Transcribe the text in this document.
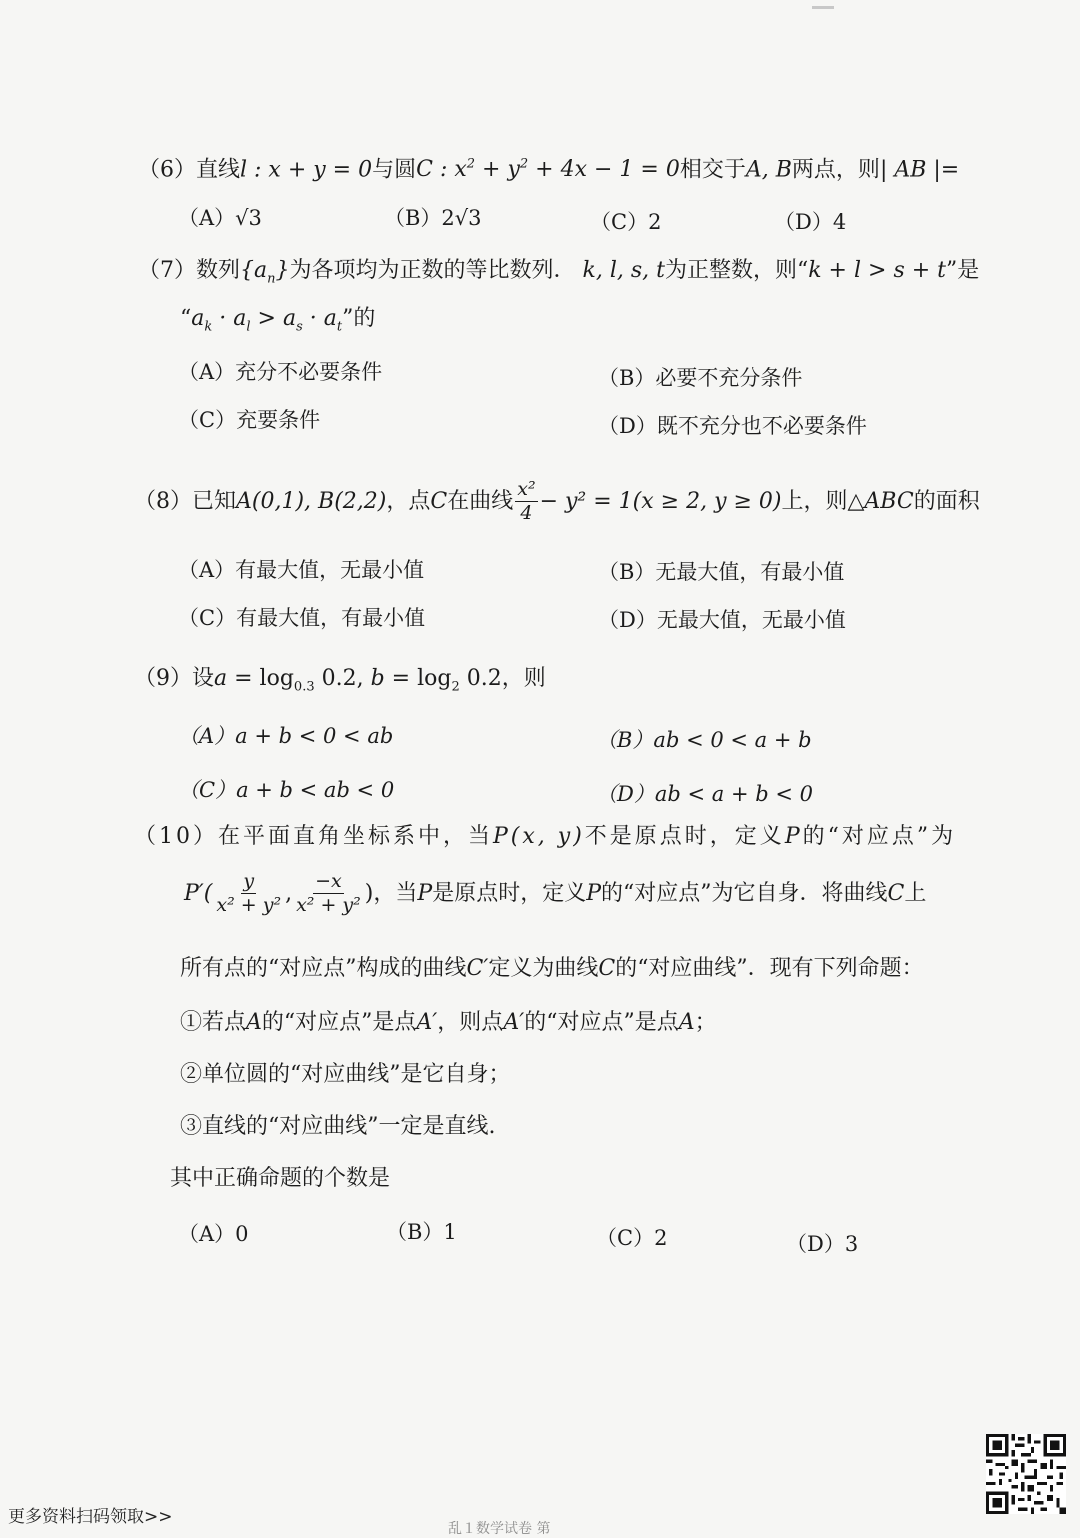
（6）直线l : x + y = 0与圆C : $x^2 + y^2 + 4x - 1 = 0$相交于A, B两点，则| AB |=
（A）√3	（B）2√3	（C）2	（D）4
（7）数列$\{a_n\}$为各项均为正数的等比数列． k, l, s, t为正整数，则“k + l > s + t”是
“$a_k \cdot a_l > a_s \cdot a_t$”的
（A）充分不必要条件	（B）必要不充分条件
（C）充要条件	（D）既不充分也不必要条件
（8）已知 A(0,1), B(2,2) ，点 C 在曲线 $\frac{\text{x²}}{4} - y^2 = 1(x \ge 2$, y ≥ 0) 上，则△ ABC 的面积
（A）有最大值，无最小值	（B）无最大值，有最小值
（C）有最大值，有最小值	（D）无最大值，无最小值
（9）设$a = \log_{0.3} 0.2$, $b = \log_2 0.2$，则
（A）a + b < 0 < ab	（B）ab < 0 < a + b
（C）a + b < ab < 0	（D）ab < a + b < 0
（10）在平面直角坐标系中，当P(x, y)不是原点时，定义P的“对应点”为
$P'( \frac{y}{\text{x² + y²}}$ , $\frac{-x}{\text{x² + y²}}$ ) ，当 P 是原点时，定义 P 的“对应点”为它自身．将曲线 C 上
所有点的“对应点”构成的曲线C′定义为曲线C的“对应曲线”．现有下列命题：
①若点A的“对应点”是点A′，则点A′的“对应点”是点A；
②单位圆的“对应曲线”是它自身；
③直线的“对应曲线”一定是直线.
其中正确命题的个数是
（A）0	（B）1	（C）2	（D）3
更多资料扫码领取>>
乱１数学试卷 第
